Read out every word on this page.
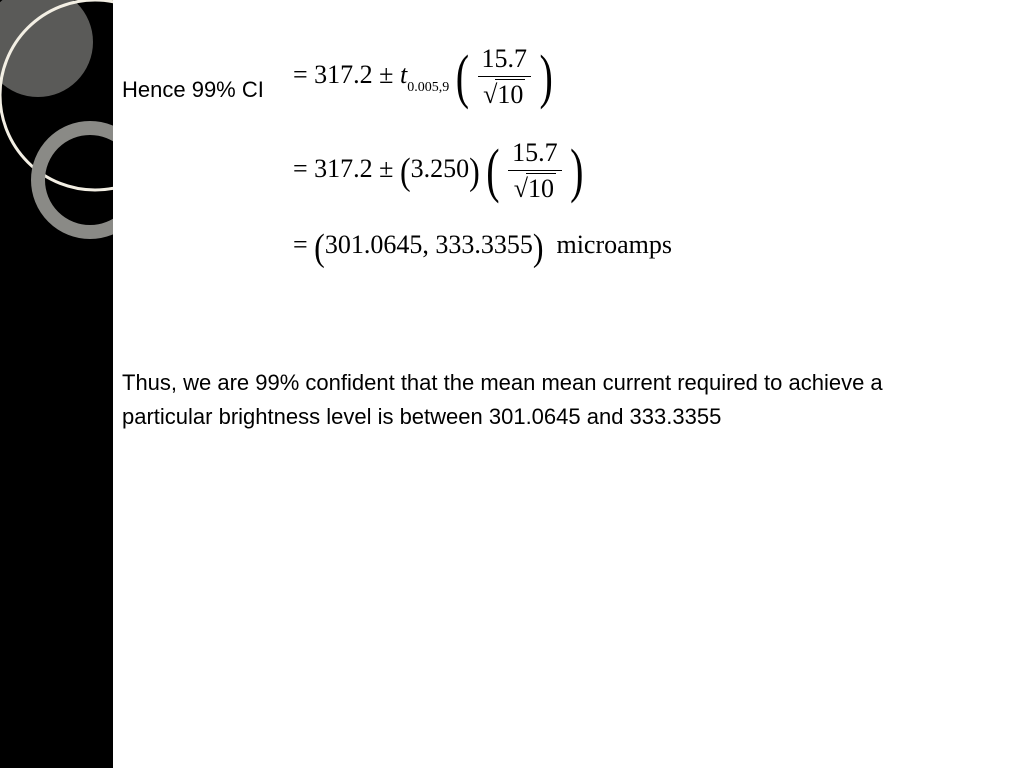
Hence 99% CI
= $317.2 \pm t_{0.005,9}$ ( $\frac{15.7}{√10}$ )
= 317.2 ± (3.250) ( $\frac{15.7}{√10}$ )
= (301.0645, 333.3355) microamps
Thus, we are 99% confident that the mean mean current required to achieve a
particular brightness level is between 301.0645 and 333.3355
